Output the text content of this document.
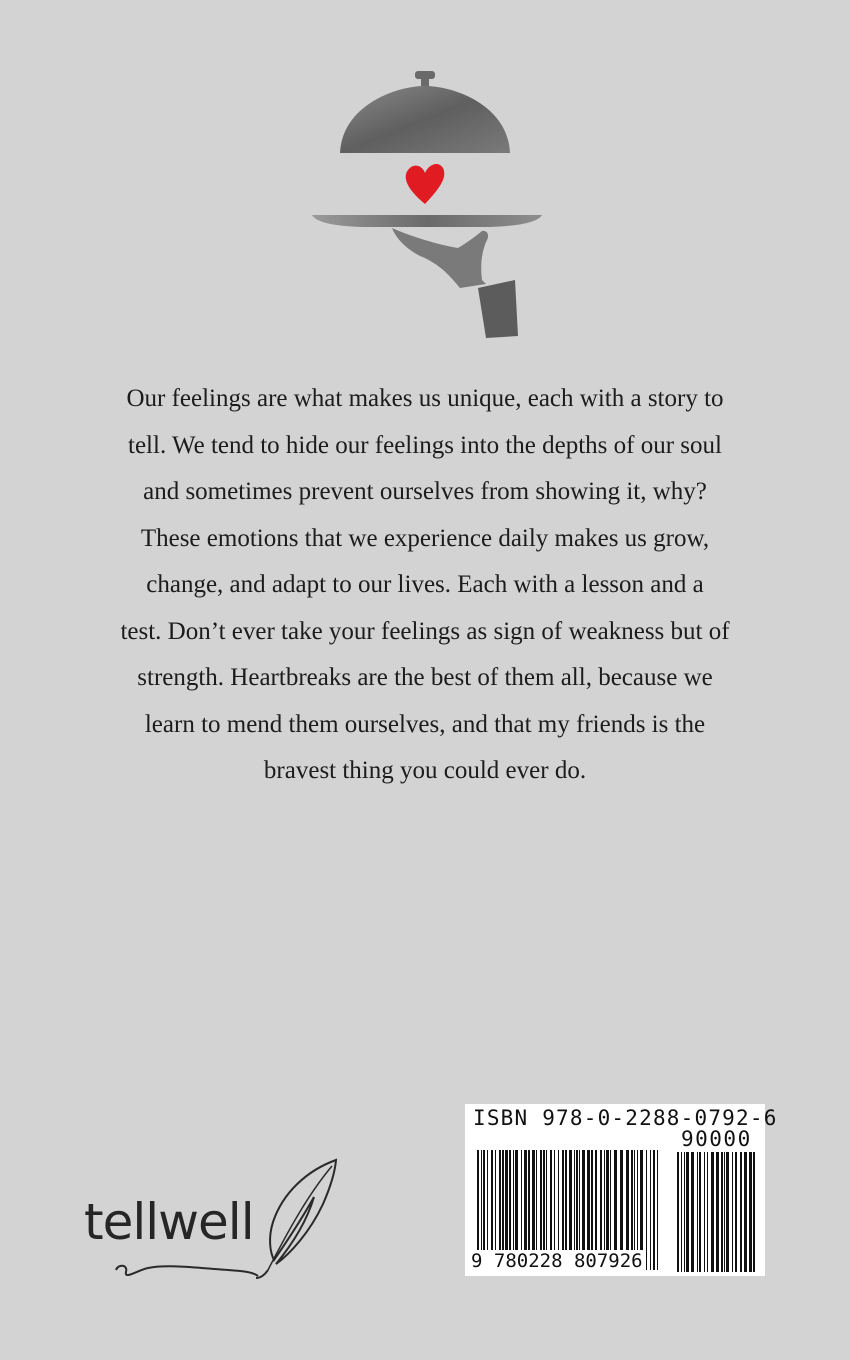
Our feelings are what makes us unique, each with a story to
tell. We tend to hide our feelings into the depths of our soul
and sometimes prevent ourselves from showing it, why?
These emotions that we experience daily makes us grow,
change, and adapt to our lives. Each with a lesson and a
test. Don’t ever take your feelings as sign of weakness but of
strength. Heartbreaks are the best of them all, because we
learn to mend them ourselves, and that my friends is the
bravest thing you could ever do.
tellwell
ISBN 978-0-2288-0792-6
90000
9 780228 807926
